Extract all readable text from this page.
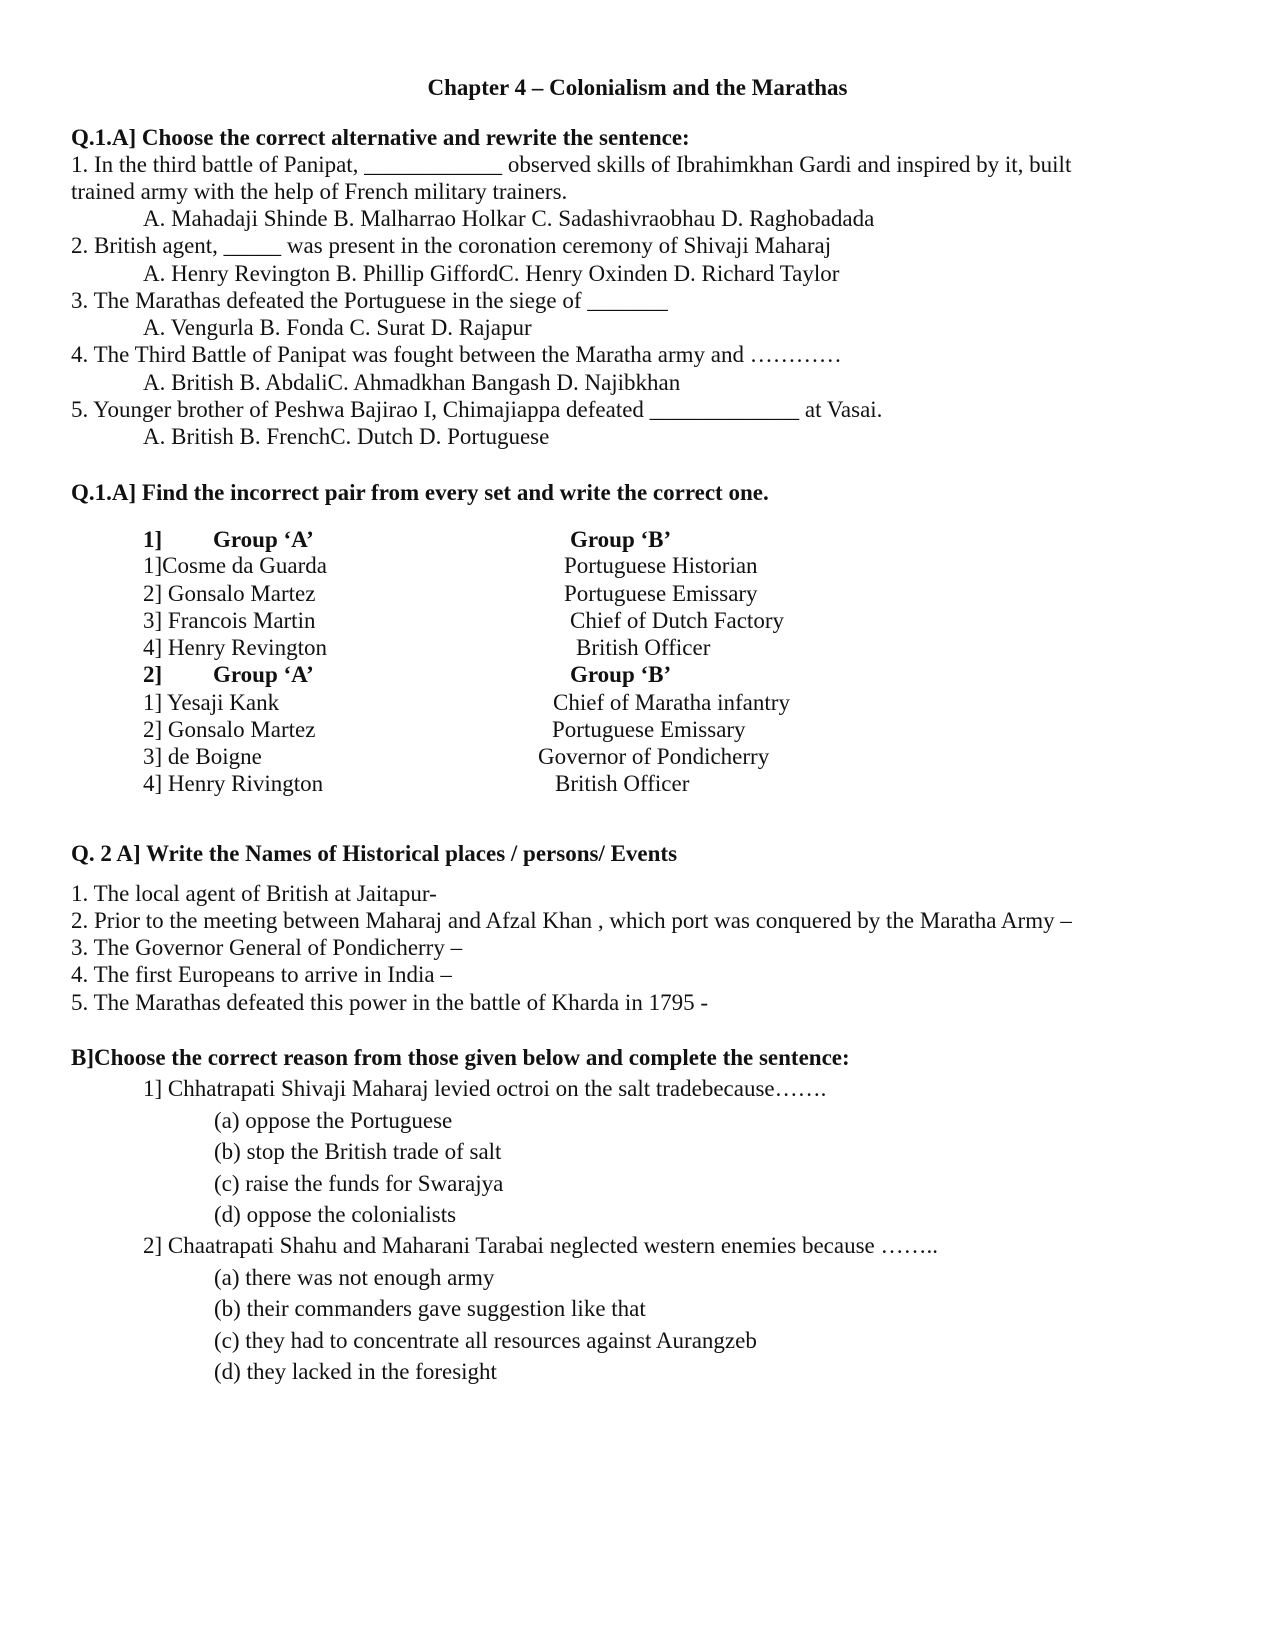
Chapter 4 – Colonialism and the Marathas
Q.1.A] Choose the correct alternative and rewrite the sentence:
1. In the third battle of Panipat, ____________ observed skills of Ibrahimkhan Gardi and inspired by it, built
trained army with the help of French military trainers.
A. Mahadaji Shinde B. Malharrao Holkar C. Sadashivraobhau D. Raghobadada
2. British agent, _____ was present in the coronation ceremony of Shivaji Maharaj
A. Henry Revington B. Phillip GiffordC. Henry Oxinden D. Richard Taylor
3. The Marathas defeated the Portuguese in the siege of _______
A. Vengurla B. Fonda C. Surat D. Rajapur
4. The Third Battle of Panipat was fought between the Maratha army and …………
A. British B. AbdaliC. Ahmadkhan Bangash D. Najibkhan
5. Younger brother of Peshwa Bajirao I, Chimajiappa defeated _____________ at Vasai.
A. British B. FrenchC. Dutch D. Portuguese
Q.1.A] Find the incorrect pair from every set and write the correct one.
1] Group ‘A’	Group ‘B’
1]Cosme da Guarda	Portuguese Historian
2] Gonsalo Martez	Portuguese Emissary
3] Francois Martin	Chief of Dutch Factory
4] Henry Revington	British Officer
2] Group ‘A’	Group ‘B’
1] Yesaji Kank	Chief of Maratha infantry
2] Gonsalo Martez	Portuguese Emissary
3] de Boigne	Governor of Pondicherry
4] Henry Rivington	British Officer
Q. 2 A] Write the Names of Historical places / persons/ Events
1. The local agent of British at Jaitapur-
2. Prior to the meeting between Maharaj and Afzal Khan , which port was conquered by the Maratha Army –
3. The Governor General of Pondicherry –
4. The first Europeans to arrive in India –
5. The Marathas defeated this power in the battle of Kharda in 1795 -
B]Choose the correct reason from those given below and complete the sentence:
1] Chhatrapati Shivaji Maharaj levied octroi on the salt tradebecause…….
(a) oppose the Portuguese
(b) stop the British trade of salt
(c) raise the funds for Swarajya
(d) oppose the colonialists
2] Chaatrapati Shahu and Maharani Tarabai neglected western enemies because ……..
(a) there was not enough army
(b) their commanders gave suggestion like that
(c) they had to concentrate all resources against Aurangzeb
(d) they lacked in the foresight
